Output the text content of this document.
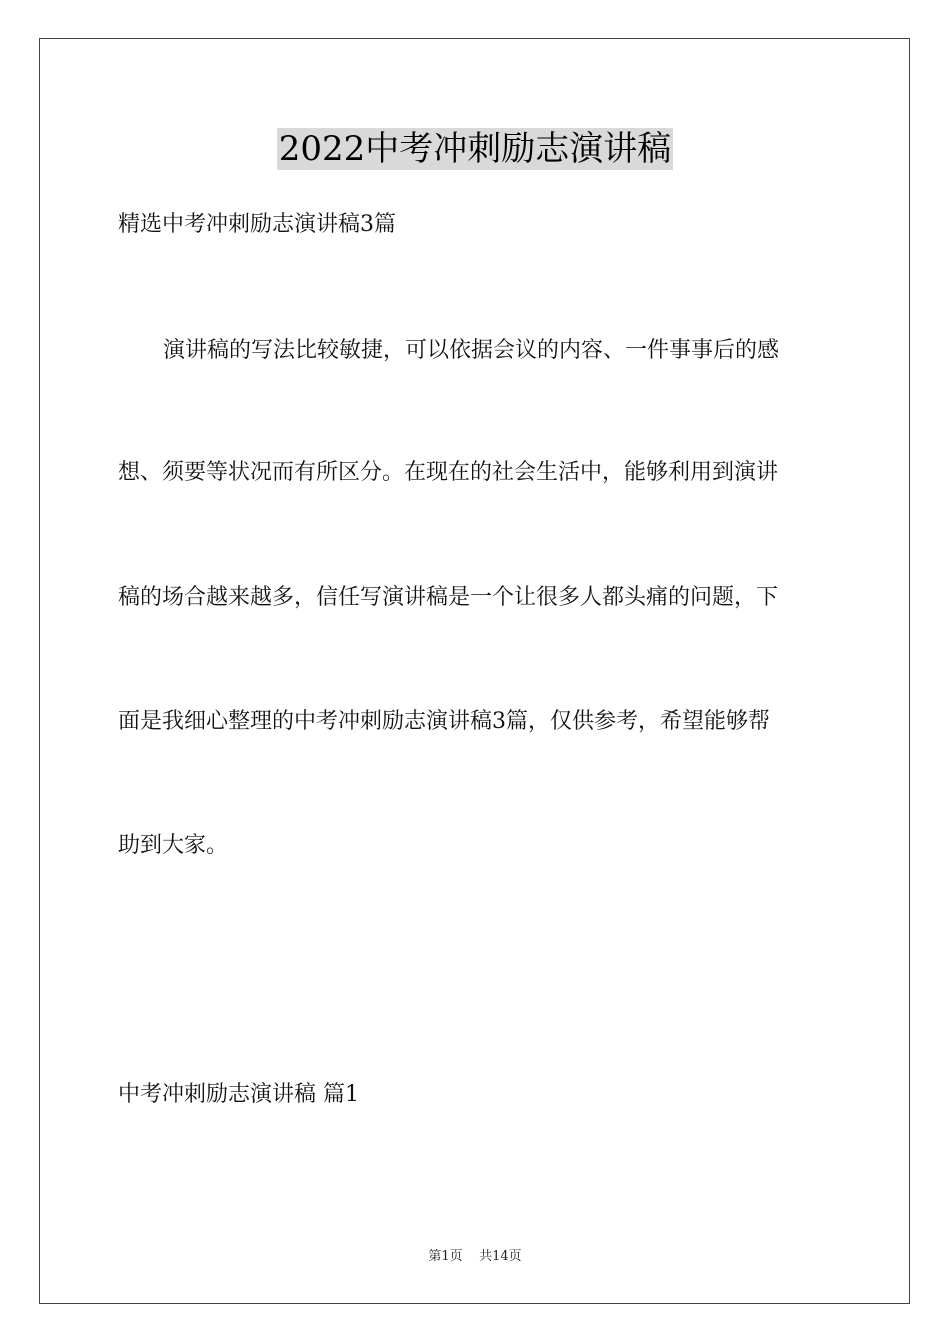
2022中考冲刺励志演讲稿
精选中考冲刺励志演讲稿3篇
演讲稿的写法比较敏捷，可以依据会议的内容、一件事事后的感
想、须要等状况而有所区分。在现在的社会生活中，能够利用到演讲
稿的场合越来越多，信任写演讲稿是一个让很多人都头痛的问题，下
面是我细心整理的中考冲刺励志演讲稿3篇，仅供参考，希望能够帮
助到大家。
中考冲刺励志演讲稿 篇1
第1页    共14页
